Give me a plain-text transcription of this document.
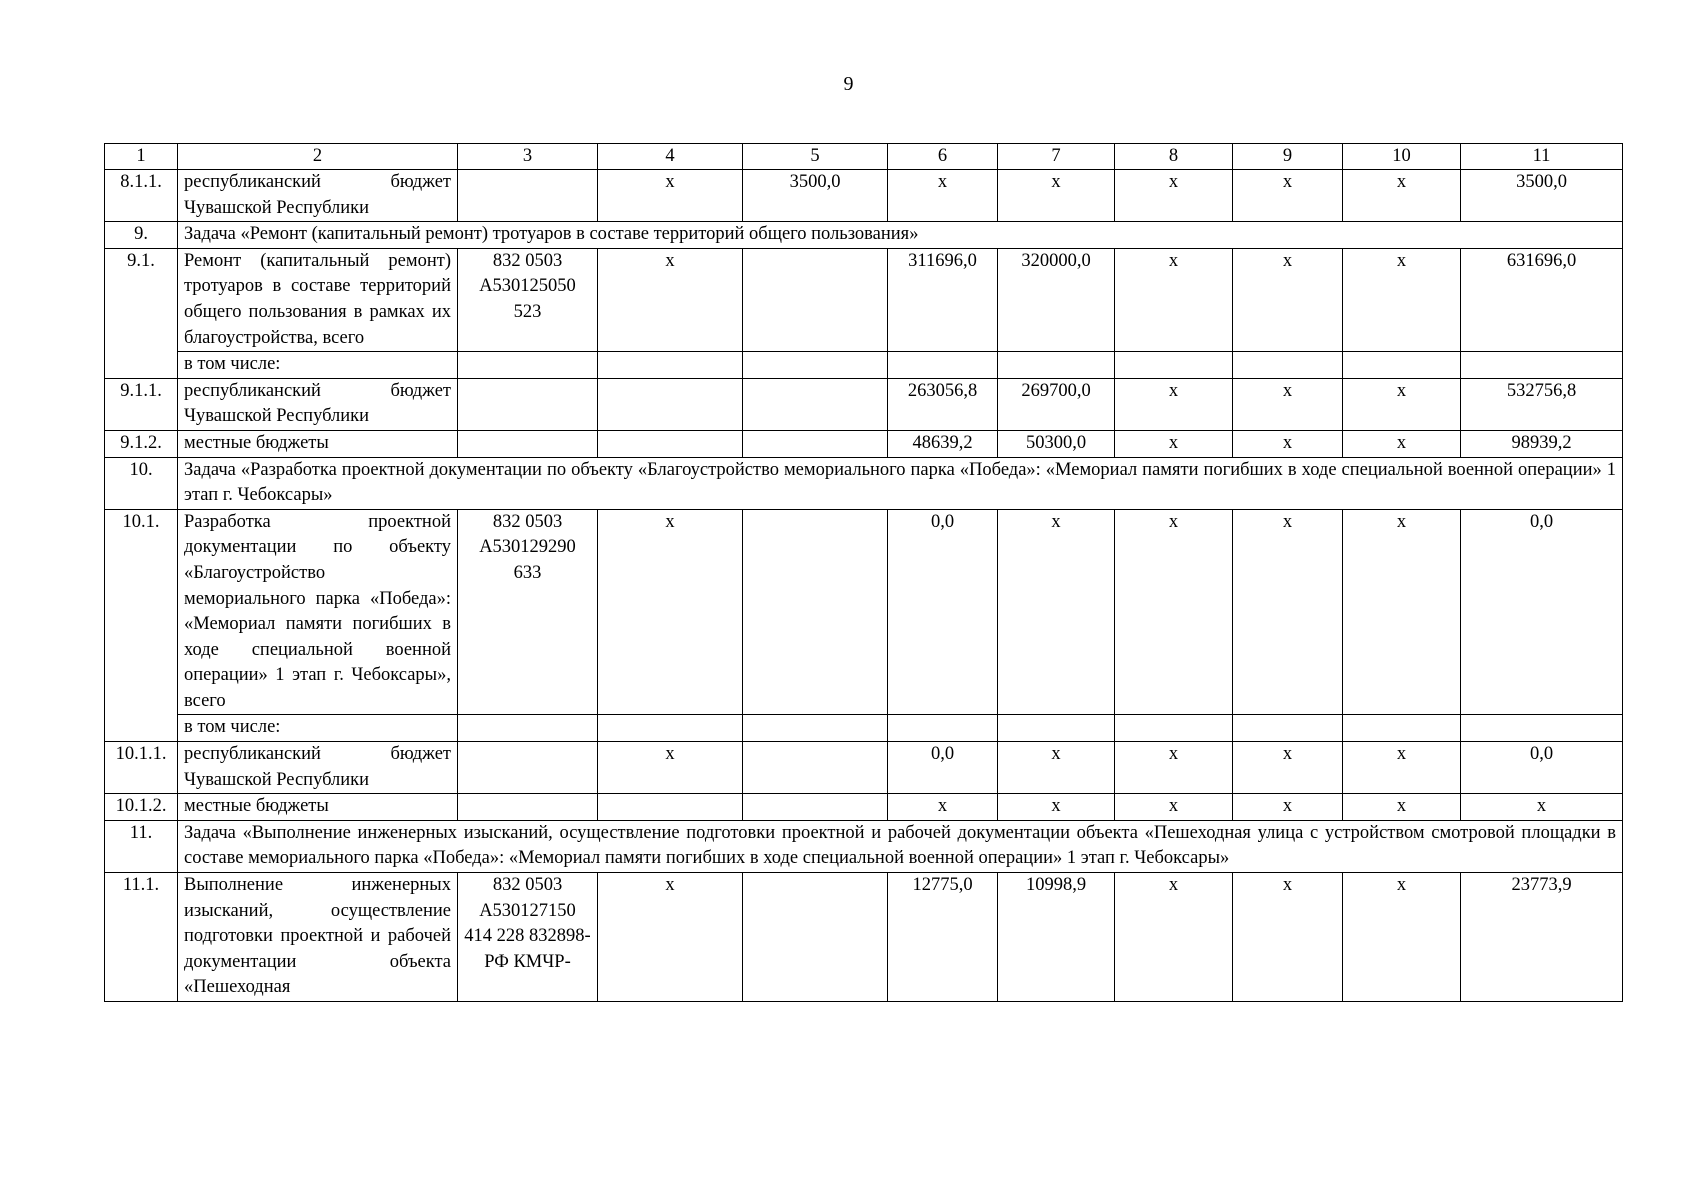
9
1	2	3	4	5	6	7	8	9	10	11
8.1.1.	республиканский бюджет Чувашской Республики		х	3500,0	х	х	х	х	х	3500,0
9.	Задача «Ремонт (капитальный ремонт) тротуаров в составе территорий общего пользования»									
9.1.	Ремонт (капитальный ремонт) тротуаров в составе территорий общего пользования в рамках их благоустройства, всего	832 0503 А530125050 523	х		311696,0	320000,0	х	х	х	631696,0
	в том числе:									
9.1.1.	республиканский бюджет Чувашской Республики				263056,8	269700,0	х	х	х	532756,8
9.1.2.	местные бюджеты				48639,2	50300,0	х	х	х	98939,2
10.	Задача «Разработка проектной документации по объекту «Благоустройство мемориального парка «Победа»: «Мемориал памяти погибших в ходе специальной военной операции» 1 этап г. Чебоксары»									
10.1.	Разработка проектной документации по объекту «Благоустройство мемориального парка «Победа»: «Мемориал памяти погибших в ходе специальной военной операции» 1 этап г. Чебоксары», всего	832 0503 А530129290 633	х		0,0	х	х	х	х	0,0
	в том числе:									
10.1.1.	республиканский бюджет Чувашской Республики		х		0,0	х	х	х	х	0,0
10.1.2.	местные бюджеты				х	х	х	х	х	х
11.	Задача «Выполнение инженерных изысканий, осуществление подготовки проектной и рабочей документации объекта «Пешеходная улица с устройством смотровой площадки в составе мемориального парка «Победа»: «Мемориал памяти погибших в ходе специальной военной операции» 1 этап г. Чебоксары»									
11.1.	Выполнение инженерных изысканий, осуществление подготовки проектной и рабочей документации объекта «Пешеходная	832 0503 А530127150 414 228 832898-РФ КМЧР-	х		12775,0	10998,9	х	х	х	23773,9
